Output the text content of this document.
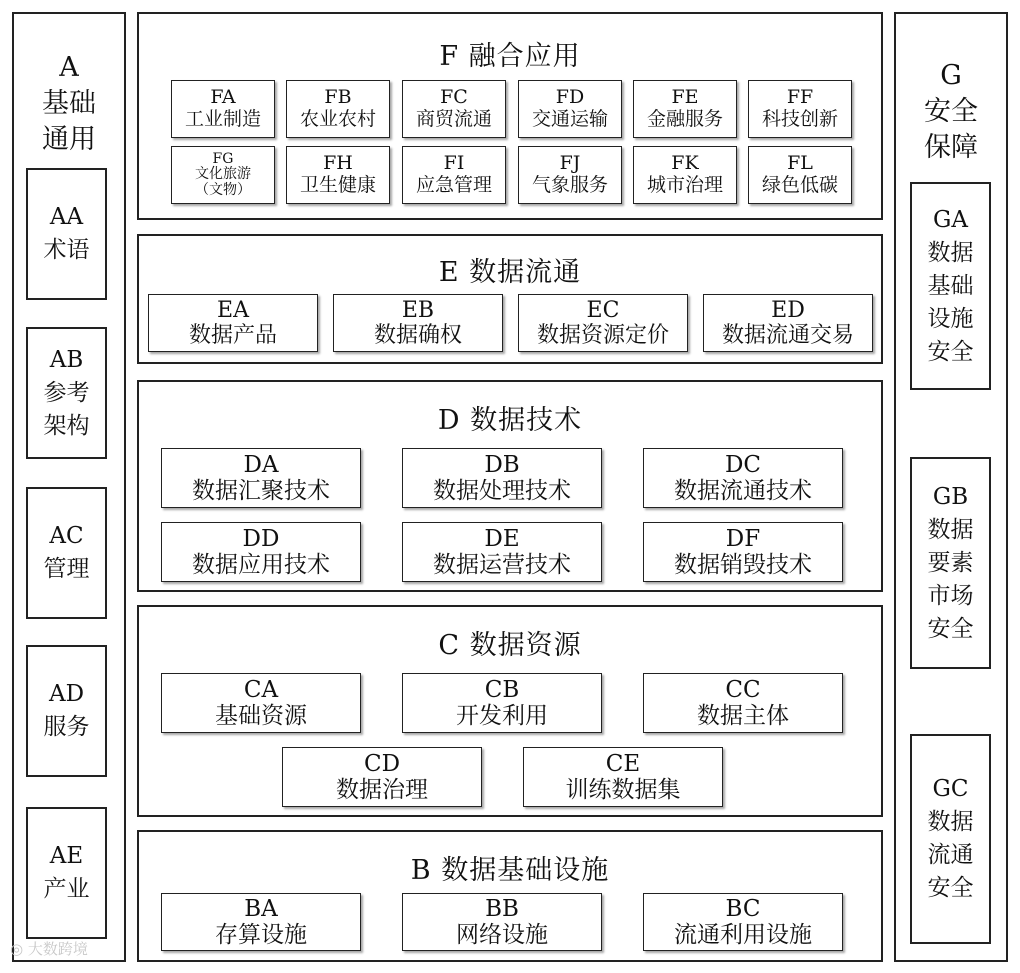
A
基础
通用
AA
术语
AB
参考
架构
AC
管理
AD
服务
AE
产业
G
安全
保障
GA
数据
基础
设施
安全
GB
数据
要素
市场
安全
GC
数据
流通
安全
F 融合应用
FA
工业制造
FB
农业农村
FC
商贸流通
FD
交通运输
FE
金融服务
FF
科技创新
FG
文化旅游
（文物）
FH
卫生健康
FI
应急管理
FJ
气象服务
FK
城市治理
FL
绿色低碳
E 数据流通
EA
数据产品
EB
数据确权
EC
数据资源定价
ED
数据流通交易
D 数据技术
DA
数据汇聚技术
DB
数据处理技术
DC
数据流通技术
DD
数据应用技术
DE
数据运营技术
DF
数据销毁技术
C 数据资源
CA
基础资源
CB
开发利用
CC
数据主体
CD
数据治理
CE
训练数据集
B 数据基础设施
BA
存算设施
BB
网络设施
BC
流通利用设施
◎ 大数跨境
